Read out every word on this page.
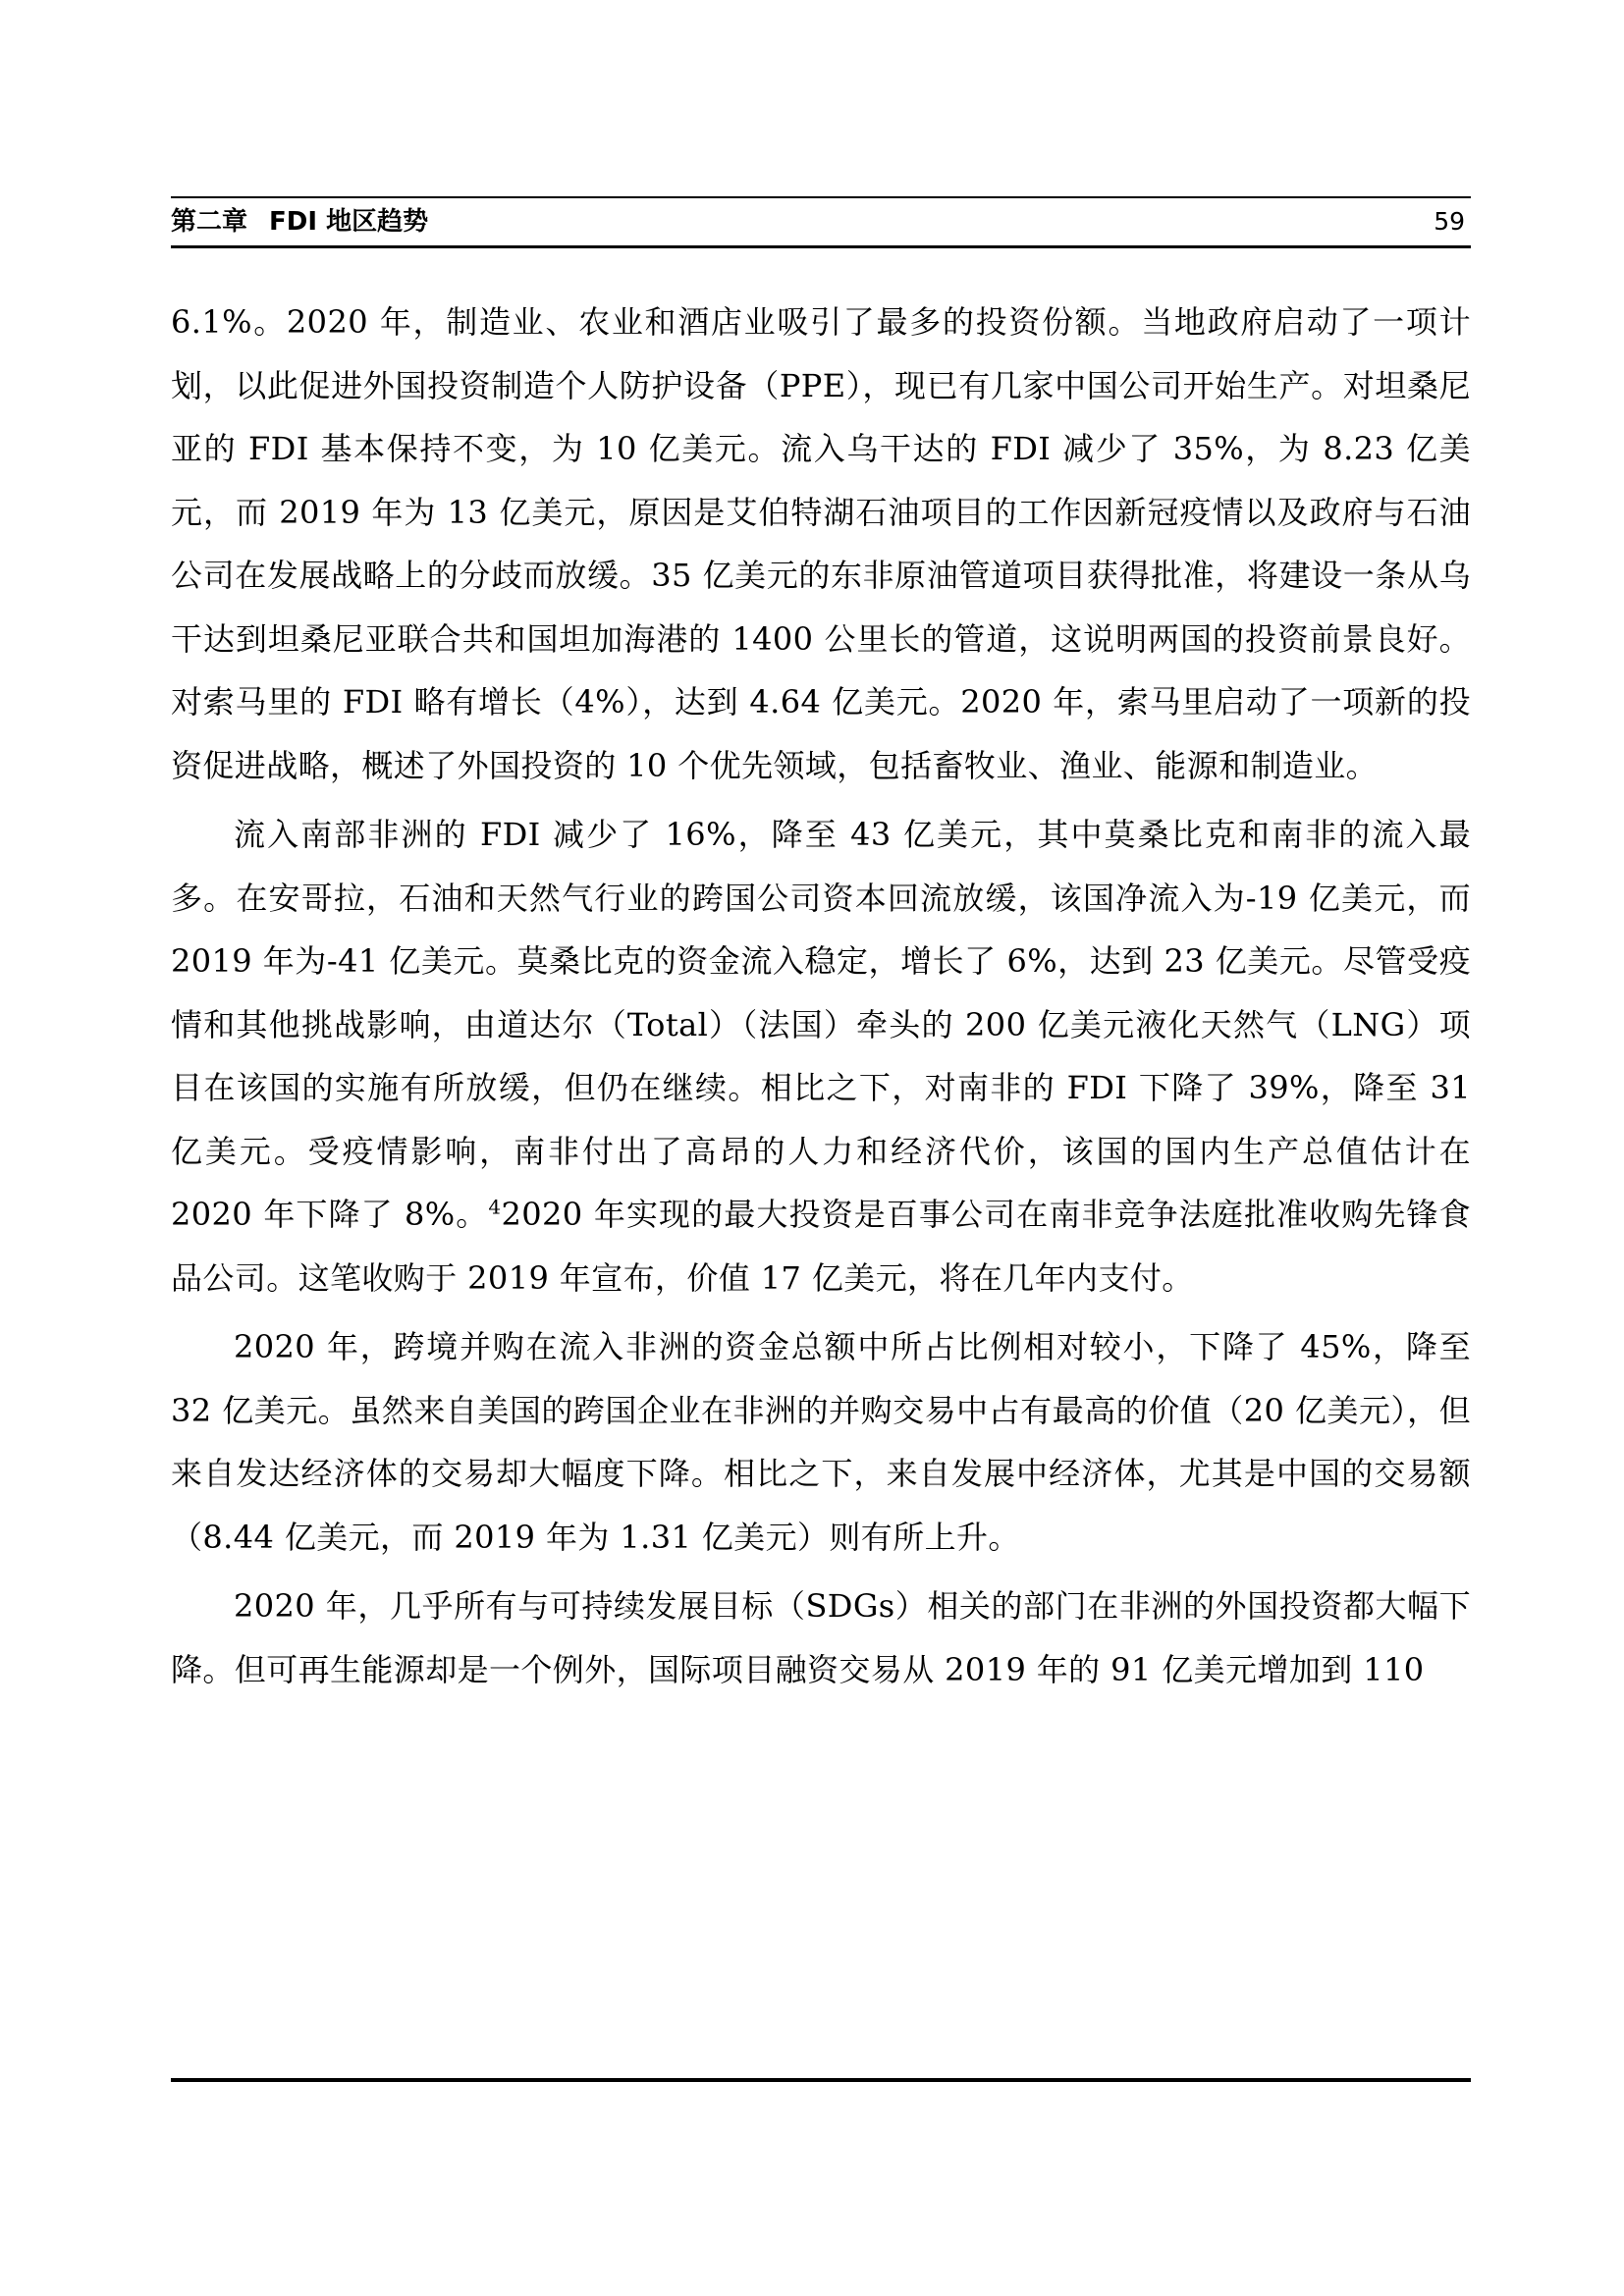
第二章 FDI 地区趋势	59

6.1%。2020 年，制造业、农业和酒店业吸引了最多的投资份额。当地政府启动了一项计划，以此促进外国投资制造个人防护设备（PPE），现已有几家中国公司开始生产。对坦桑尼亚的 FDI 基本保持不变，为 10 亿美元。流入乌干达的 FDI 减少了 35%，为 8.23 亿美元，而 2019 年为 13 亿美元，原因是艾伯特湖石油项目的工作因新冠疫情以及政府与石油公司在发展战略上的分歧而放缓。35 亿美元的东非原油管道项目获得批准，将建设一条从乌干达到坦桑尼亚联合共和国坦加海港的 1400 公里长的管道，这说明两国的投资前景良好。对索马里的 FDI 略有增长（4%），达到 4.64 亿美元。2020 年，索马里启动了一项新的投资促进战略，概述了外国投资的 10 个优先领域，包括畜牧业、渔业、能源和制造业。

流入南部非洲的 FDI 减少了 16%，降至 43 亿美元，其中莫桑比克和南非的流入最多。在安哥拉，石油和天然气行业的跨国公司资本回流放缓，该国净流入为-19 亿美元，而 2019 年为-41 亿美元。莫桑比克的资金流入稳定，增长了 6%，达到 23 亿美元。尽管受疫情和其他挑战影响，由道达尔（Total）（法国）牵头的 200 亿美元液化天然气（LNG）项目在该国的实施有所放缓，但仍在继续。相比之下，对南非的 FDI 下降了 39%，降至 31 亿美元。受疫情影响，南非付出了高昂的人力和经济代价，该国的国内生产总值估计在 2020 年下降了 8%。$^4$2020 年实现的最大投资是百事公司在南非竞争法庭批准收购先锋食品公司。这笔收购于 2019 年宣布，价值 17 亿美元，将在几年内支付。

2020 年，跨境并购在流入非洲的资金总额中所占比例相对较小，下降了 45%，降至 32 亿美元。虽然来自美国的跨国企业在非洲的并购交易中占有最高的价值（20 亿美元），但来自发达经济体的交易却大幅度下降。相比之下，来自发展中经济体，尤其是中国的交易额（8.44 亿美元，而 2019 年为 1.31 亿美元）则有所上升。

2020 年，几乎所有与可持续发展目标（SDGs）相关的部门在非洲的外国投资都大幅下降。但可再生能源却是一个例外，国际项目融资交易从 2019 年的 91 亿美元增加到 110
